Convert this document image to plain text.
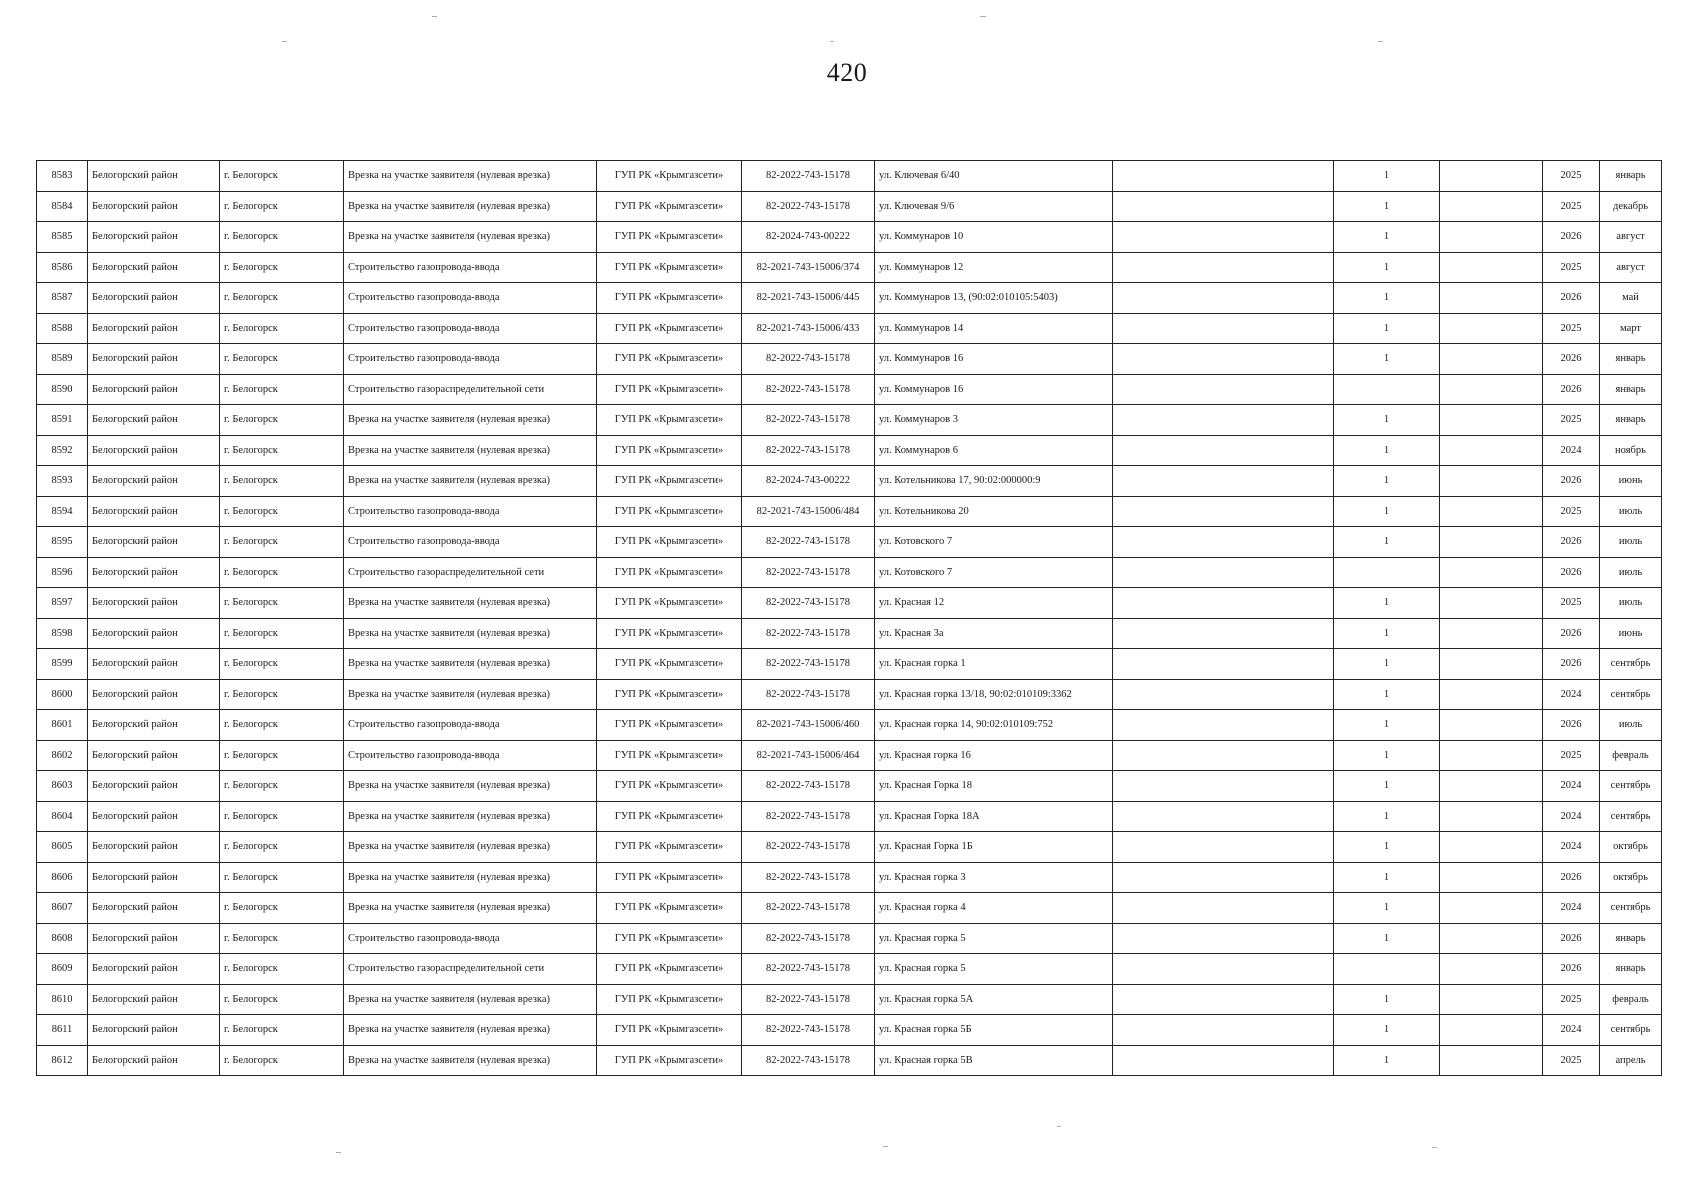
420
8583	Белогорский район	г. Белогорск	Врезка на участке заявителя (нулевая врезка)	ГУП РК «Крымгазсети»	82-2022-743-15178	ул. Ключевая 6/40		1		2025	январь
8584	Белогорский район	г. Белогорск	Врезка на участке заявителя (нулевая врезка)	ГУП РК «Крымгазсети»	82-2022-743-15178	ул. Ключевая 9/6		1		2025	декабрь
8585	Белогорский район	г. Белогорск	Врезка на участке заявителя (нулевая врезка)	ГУП РК «Крымгазсети»	82-2024-743-00222	ул. Коммунаров 10		1		2026	август
8586	Белогорский район	г. Белогорск	Строительство газопровода-ввода	ГУП РК «Крымгазсети»	82-2021-743-15006/374	ул. Коммунаров 12		1		2025	август
8587	Белогорский район	г. Белогорск	Строительство газопровода-ввода	ГУП РК «Крымгазсети»	82-2021-743-15006/445	ул. Коммунаров 13, (90:02:010105:5403)		1		2026	май
8588	Белогорский район	г. Белогорск	Строительство газопровода-ввода	ГУП РК «Крымгазсети»	82-2021-743-15006/433	ул. Коммунаров 14		1		2025	март
8589	Белогорский район	г. Белогорск	Строительство газопровода-ввода	ГУП РК «Крымгазсети»	82-2022-743-15178	ул. Коммунаров 16		1		2026	январь
8590	Белогорский район	г. Белогорск	Строительство газораспределительной сети	ГУП РК «Крымгазсети»	82-2022-743-15178	ул. Коммунаров 16				2026	январь
8591	Белогорский район	г. Белогорск	Врезка на участке заявителя (нулевая врезка)	ГУП РК «Крымгазсети»	82-2022-743-15178	ул. Коммунаров 3		1		2025	январь
8592	Белогорский район	г. Белогорск	Врезка на участке заявителя (нулевая врезка)	ГУП РК «Крымгазсети»	82-2022-743-15178	ул. Коммунаров 6		1		2024	ноябрь
8593	Белогорский район	г. Белогорск	Врезка на участке заявителя (нулевая врезка)	ГУП РК «Крымгазсети»	82-2024-743-00222	ул. Котельникова 17, 90:02:000000:9		1		2026	июнь
8594	Белогорский район	г. Белогорск	Строительство газопровода-ввода	ГУП РК «Крымгазсети»	82-2021-743-15006/484	ул. Котельникова 20		1		2025	июль
8595	Белогорский район	г. Белогорск	Строительство газопровода-ввода	ГУП РК «Крымгазсети»	82-2022-743-15178	ул. Котовского 7		1		2026	июль
8596	Белогорский район	г. Белогорск	Строительство газораспределительной сети	ГУП РК «Крымгазсети»	82-2022-743-15178	ул. Котовского 7				2026	июль
8597	Белогорский район	г. Белогорск	Врезка на участке заявителя (нулевая врезка)	ГУП РК «Крымгазсети»	82-2022-743-15178	ул. Красная 12		1		2025	июль
8598	Белогорский район	г. Белогорск	Врезка на участке заявителя (нулевая врезка)	ГУП РК «Крымгазсети»	82-2022-743-15178	ул. Красная 3а		1		2026	июнь
8599	Белогорский район	г. Белогорск	Врезка на участке заявителя (нулевая врезка)	ГУП РК «Крымгазсети»	82-2022-743-15178	ул. Красная горка 1		1		2026	сентябрь
8600	Белогорский район	г. Белогорск	Врезка на участке заявителя (нулевая врезка)	ГУП РК «Крымгазсети»	82-2022-743-15178	ул. Красная горка 13/18, 90:02:010109:3362		1		2024	сентябрь
8601	Белогорский район	г. Белогорск	Строительство газопровода-ввода	ГУП РК «Крымгазсети»	82-2021-743-15006/460	ул. Красная горка 14, 90:02:010109:752		1		2026	июль
8602	Белогорский район	г. Белогорск	Строительство газопровода-ввода	ГУП РК «Крымгазсети»	82-2021-743-15006/464	ул. Красная горка 16		1		2025	февраль
8603	Белогорский район	г. Белогорск	Врезка на участке заявителя (нулевая врезка)	ГУП РК «Крымгазсети»	82-2022-743-15178	ул. Красная Горка 18		1		2024	сентябрь
8604	Белогорский район	г. Белогорск	Врезка на участке заявителя (нулевая врезка)	ГУП РК «Крымгазсети»	82-2022-743-15178	ул. Красная Горка 18А		1		2024	сентябрь
8605	Белогорский район	г. Белогорск	Врезка на участке заявителя (нулевая врезка)	ГУП РК «Крымгазсети»	82-2022-743-15178	ул. Красная Горка 1Б		1		2024	октябрь
8606	Белогорский район	г. Белогорск	Врезка на участке заявителя (нулевая врезка)	ГУП РК «Крымгазсети»	82-2022-743-15178	ул. Красная горка 3		1		2026	октябрь
8607	Белогорский район	г. Белогорск	Врезка на участке заявителя (нулевая врезка)	ГУП РК «Крымгазсети»	82-2022-743-15178	ул. Красная горка 4		1		2024	сентябрь
8608	Белогорский район	г. Белогорск	Строительство газопровода-ввода	ГУП РК «Крымгазсети»	82-2022-743-15178	ул. Красная горка 5		1		2026	январь
8609	Белогорский район	г. Белогорск	Строительство газораспределительной сети	ГУП РК «Крымгазсети»	82-2022-743-15178	ул. Красная горка 5				2026	январь
8610	Белогорский район	г. Белогорск	Врезка на участке заявителя (нулевая врезка)	ГУП РК «Крымгазсети»	82-2022-743-15178	ул. Красная горка 5А		1		2025	февраль
8611	Белогорский район	г. Белогорск	Врезка на участке заявителя (нулевая врезка)	ГУП РК «Крымгазсети»	82-2022-743-15178	ул. Красная горка 5Б		1		2024	сентябрь
8612	Белогорский район	г. Белогорск	Врезка на участке заявителя (нулевая врезка)	ГУП РК «Крымгазсети»	82-2022-743-15178	ул. Красная горка 5В		1		2025	апрель
